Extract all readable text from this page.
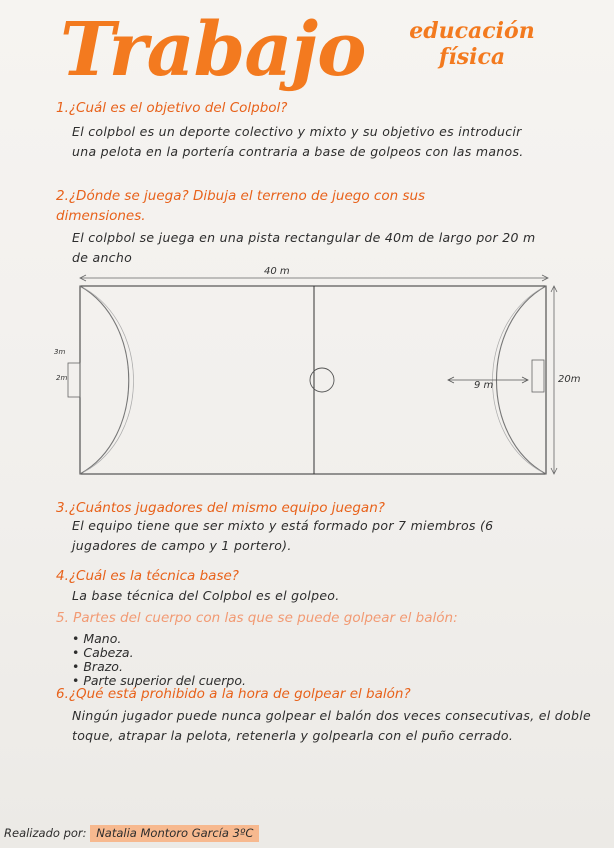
Trabajo	educación
física
1.¿Cuál es el objetivo del Colpbol?
El colpbol es un deporte colectivo y mixto y su objetivo es introducir una pelota en la portería contraria a base de golpeos con las manos.
2.¿Dónde se juega? Dibuja el terreno de juego con sus
dimensiones.
El colpbol se juega en una pista rectangular de 40m de largo por 20 m de ancho
40 m
20m
9 m
3m
2m
3.¿Cuántos jugadores del mismo equipo juegan?
El equipo tiene que ser mixto y está formado por 7 miembros (6 jugadores de campo y 1 portero).
4.¿Cuál es la técnica base?
La base técnica del Colpbol es el golpeo.
5. Partes del cuerpo con las que se puede golpear el balón:
• Mano.
• Cabeza.
• Brazo.
• Parte superior del cuerpo.
6.¿Qué está prohibido a la hora de golpear el balón?
Ningún jugador puede nunca golpear el balón dos veces consecutivas, el doble toque, atrapar la pelota, retenerla y golpearla con el puño cerrado.
Realizado por: Natalia Montoro García 3ºC
